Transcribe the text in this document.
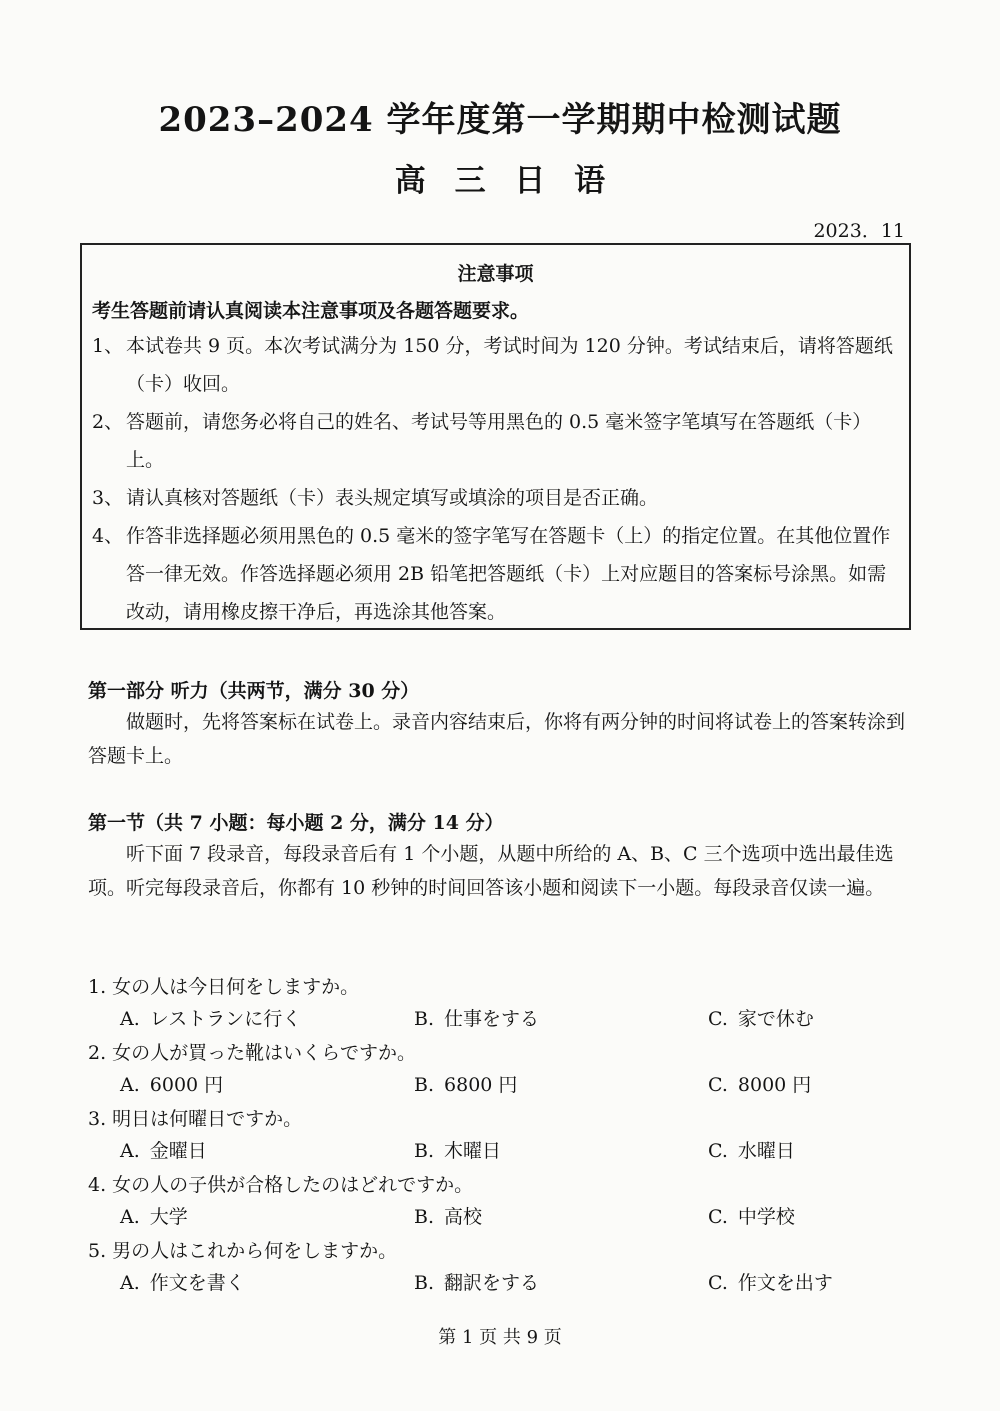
2023–2024 学年度第一学期期中检测试题
高 三 日 语
2023．11
注意事项
考生答题前请认真阅读本注意事项及各题答题要求。
1、 本试卷共 9 页。本次考试满分为 150 分，考试时间为 120 分钟。考试结束后，请将答题纸（卡）收回。
2、 答题前，请您务必将自己的姓名、考试号等用黑色的 0.5 毫米签字笔填写在答题纸（卡）上。
3、 请认真核对答题纸（卡）表头规定填写或填涂的项目是否正确。
4、 作答非选择题必须用黑色的 0.5 毫米的签字笔写在答题卡（上）的指定位置。在其他位置作答一律无效。作答选择题必须用 2B 铅笔把答题纸（卡）上对应题目的答案标号涂黑。如需改动，请用橡皮擦干净后，再选涂其他答案。
第一部分 听力（共两节，满分 30 分）
做题时，先将答案标在试卷上。录音内容结束后，你将有两分钟的时间将试卷上的答案转涂到答题卡上。
第一节（共 7 小题：每小题 2 分，满分 14 分）
听下面 7 段录音，每段录音后有 1 个小题，从题中所给的 A、B、C 三个选项中选出最佳选项。听完每段录音后，你都有 10 秒钟的时间回答该小题和阅读下一小题。每段录音仅读一遍。
1. 女の人は今日何をしますか。
A. レストランに行く	B. 仕事をする	C. 家で休む
2. 女の人が買った靴はいくらですか。
A. 6000 円	B. 6800 円	C. 8000 円
3. 明日は何曜日ですか。
A. 金曜日	B. 木曜日	C. 水曜日
4. 女の人の子供が合格したのはどれですか。
A. 大学	B. 高校	C. 中学校
5. 男の人はこれから何をしますか。
A. 作文を書く	B. 翻訳をする	C. 作文を出す
第 1 页 共 9 页
